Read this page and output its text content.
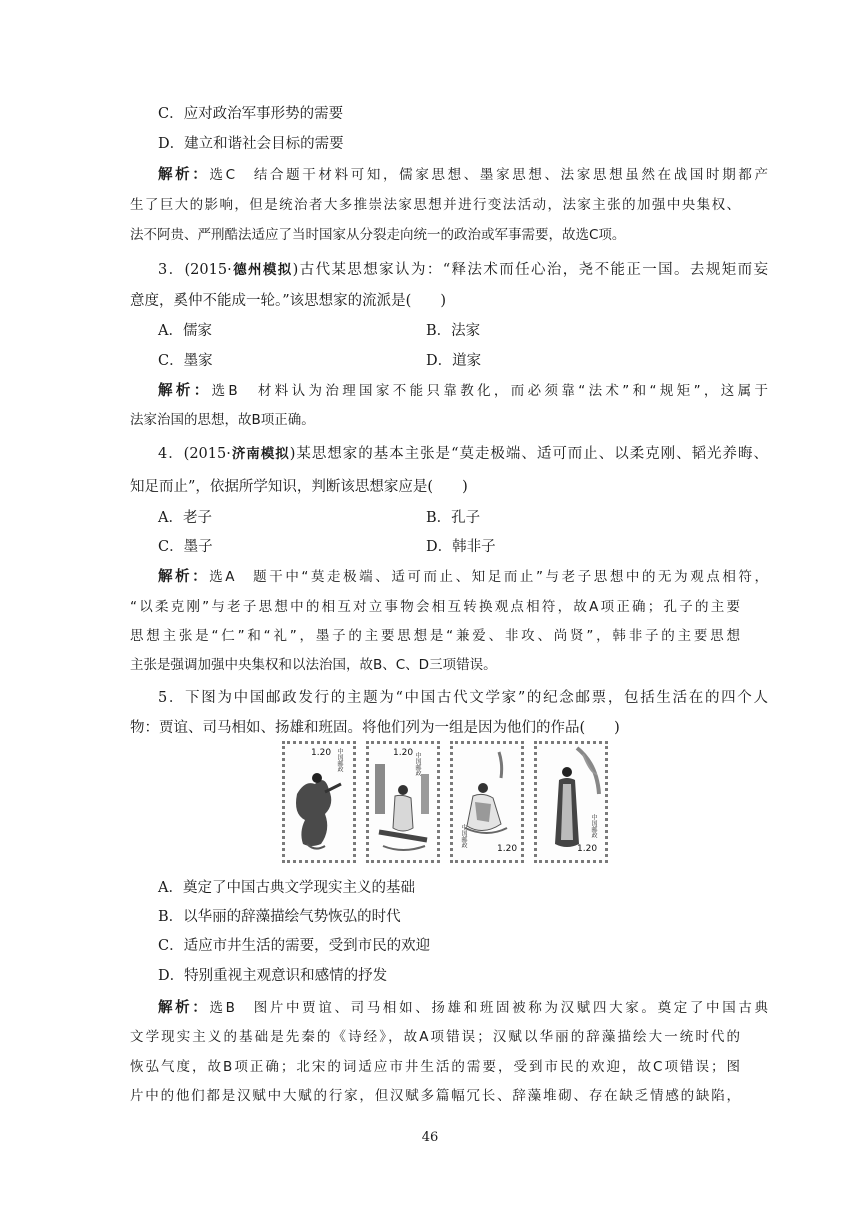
C．应对政治军事形势的需要
D．建立和谐社会目标的需要
解析：选C　结合题干材料可知，儒家思想、墨家思想、法家思想虽然在战国时期都产
生了巨大的影响，但是统治者大多推崇法家思想并进行变法活动，法家主张的加强中央集权、
法不阿贵、严刑酷法适应了当时国家从分裂走向统一的政治或军事需要，故选C项。
3．(2015·德州模拟)古代某思想家认为：“释法术而任心治，尧不能正一国。去规矩而妄
意度，奚仲不能成一轮。”该思想家的流派是(　　)
A．儒家	B．法家
C．墨家	D．道家
解析：选B　材料认为治理国家不能只靠教化，而必须靠“法术”和“规矩”，这属于
法家治国的思想，故B项正确。
4．(2015·济南模拟)某思想家的基本主张是“莫走极端、适可而止、以柔克刚、韬光养晦、
知足而止”，依据所学知识，判断该思想家应是(　　)
A．老子	B．孔子
C．墨子	D．韩非子
解析：选A　题干中“莫走极端、适可而止、知足而止”与老子思想中的无为观点相符，
“以柔克刚”与老子思想中的相互对立事物会相互转换观点相符，故A项正确；孔子的主要
思想主张是“仁”和“礼”，墨子的主要思想是“兼爱、非攻、尚贤”，韩非子的主要思想
主张是强调加强中央集权和以法治国，故B、C、D三项错误。
5．下图为中国邮政发行的主题为“中国古代文学家”的纪念邮票，包括生活在的四个人
物：贾谊、司马相如、扬雄和班固。将他们列为一组是因为他们的作品(　　)
1.20 中国邮政	1.20 中国邮政
1.20
中国邮政
1.20
中国邮政
A．奠定了中国古典文学现实主义的基础
B．以华丽的辞藻描绘气势恢弘的时代
C．适应市井生活的需要，受到市民的欢迎
D．特别重视主观意识和感情的抒发
解析：选B　图片中贾谊、司马相如、扬雄和班固被称为汉赋四大家。奠定了中国古典
文学现实主义的基础是先秦的《诗经》，故A项错误；汉赋以华丽的辞藻描绘大一统时代的
恢弘气度，故B项正确；北宋的词适应市井生活的需要，受到市民的欢迎，故C项错误；图
片中的他们都是汉赋中大赋的行家，但汉赋多篇幅冗长、辞藻堆砌、存在缺乏情感的缺陷，
46
